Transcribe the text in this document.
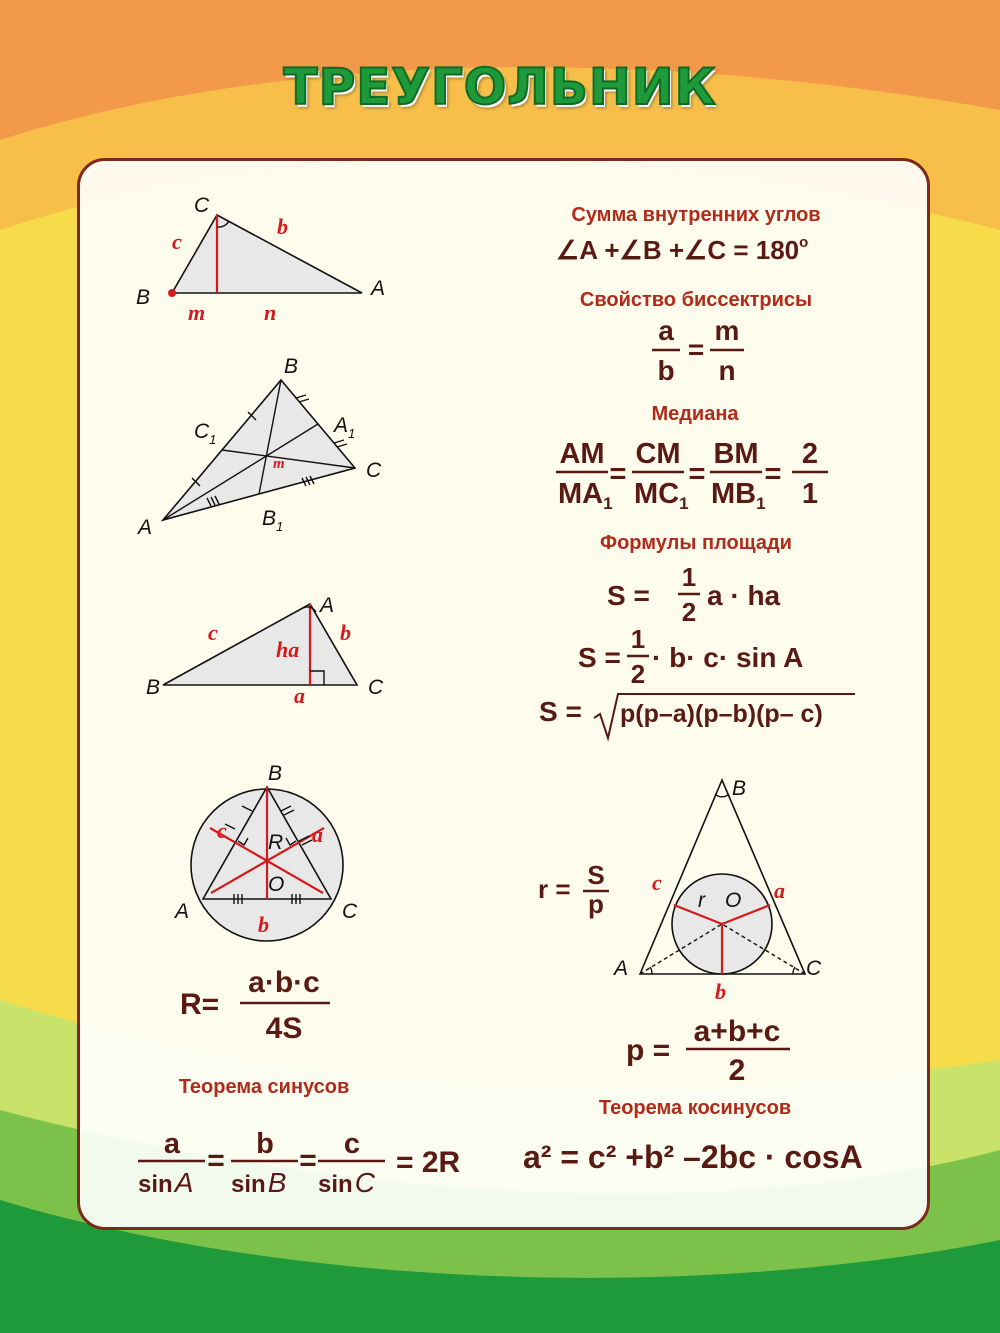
ТРЕУГОЛЬНИК
C
B	A
c
b
m	n
B
A
C
$C_1$
$A_1$
$B_1$
m
A
B	C
c	b
ha
a
B
A	C
c	a
R
O
b
B
A	C
c	a
r O
b
Сумма внутренних углов
∠A +∠B +∠C = $180^o$
Свойство биссектрисы
a
b
=
m
n
Медиана
AM
$MA_1$
=
CM
$MC_1$
=
BM
$MB_1$
=
2
1
Формулы площади
S =
1
2
a · ha
S =
1
2
· b· c· sin A
S = p(p–a)(p–b)(p– c)
R=
a·b·c
4S
r = S
p
p =
a+b+c
2
Теорема синусов
a
sinA
= b
sinB
= c
sinC
= 2R
Теорема косинусов
a² = c² +b² –2bc · cosA
